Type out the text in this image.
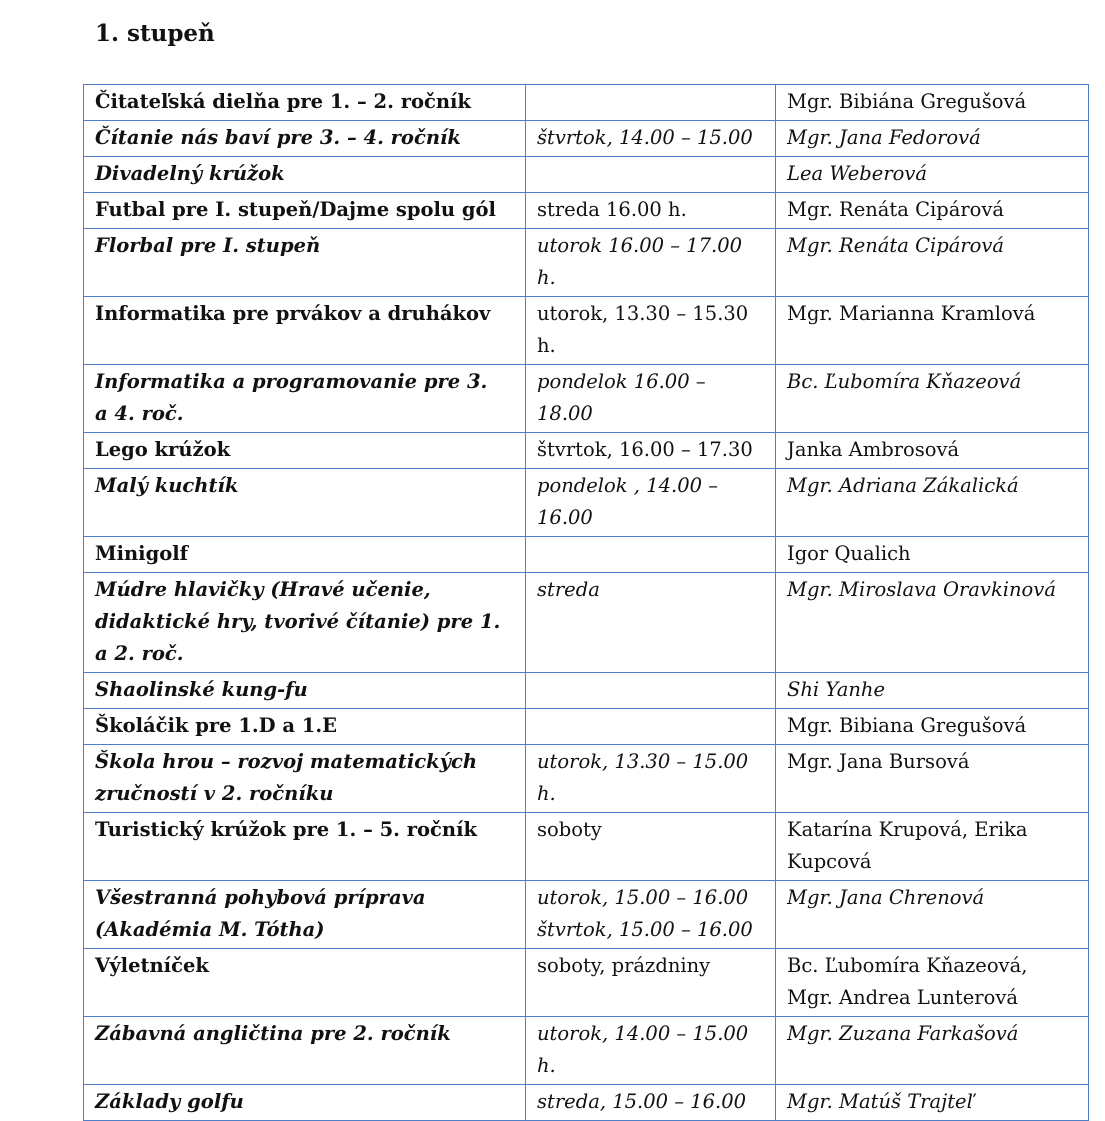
1. stupeň
Čitateľská dielňa pre 1. – 2. ročník		Mgr. Bibiána Gregušová
Čítanie nás baví pre 3. – 4. ročník	štvrtok, 14.00 – 15.00	Mgr. Jana Fedorová
Divadelný krúžok		Lea Weberová
Futbal pre I. stupeň/Dajme spolu gól	streda 16.00 h.	Mgr. Renáta Cipárová
Florbal pre I. stupeň	utorok 16.00 – 17.00 h.	Mgr. Renáta Cipárová
Informatika pre prvákov a druhákov	utorok, 13.30 – 15.30 h.	Mgr. Marianna Kramlová

Informatika a programovanie pre 3.
a 4. roč.	pondelok 16.00 – 18.00	Bc. Ľubomíra Kňazeová
Lego krúžok	štvrtok, 16.00 – 17.30	Janka Ambrosová
Malý kuchtík	pondelok , 14.00 – 16.00	Mgr. Adriana Zákalická
Minigolf		Igor Qualich

Múdre hlavičky (Hravé učenie,
didaktické hry, tvorivé čítanie) pre 1.
a 2. roč.	streda	Mgr. Miroslava Oravkinová
Shaolinské kung-fu		Shi Yanhe
Školáčik pre 1.D a 1.E		Mgr. Bibiana Gregušová

Škola hrou – rozvoj matematických
zručností v 2. ročníku	utorok, 13.30 – 15.00 h.	Mgr. Jana Bursová
Turistický krúžok pre 1. – 5. ročník	soboty	Katarína Krupová, Erika
Kupcová

Všestranná pohybová príprava
(Akadémia M. Tótha)	utorok, 15.00 – 16.00
štvrtok, 15.00 – 16.00	Mgr. Jana Chrenová
Výletníček	soboty, prázdniny	Bc. Ľubomíra Kňazeová,
Mgr. Andrea Lunterová

Zábavná angličtina pre 2. ročník	utorok, 14.00 – 15.00 h.	Mgr. Zuzana Farkašová
Základy golfu	streda, 15.00 – 16.00	Mgr. Matúš Trajteľ
